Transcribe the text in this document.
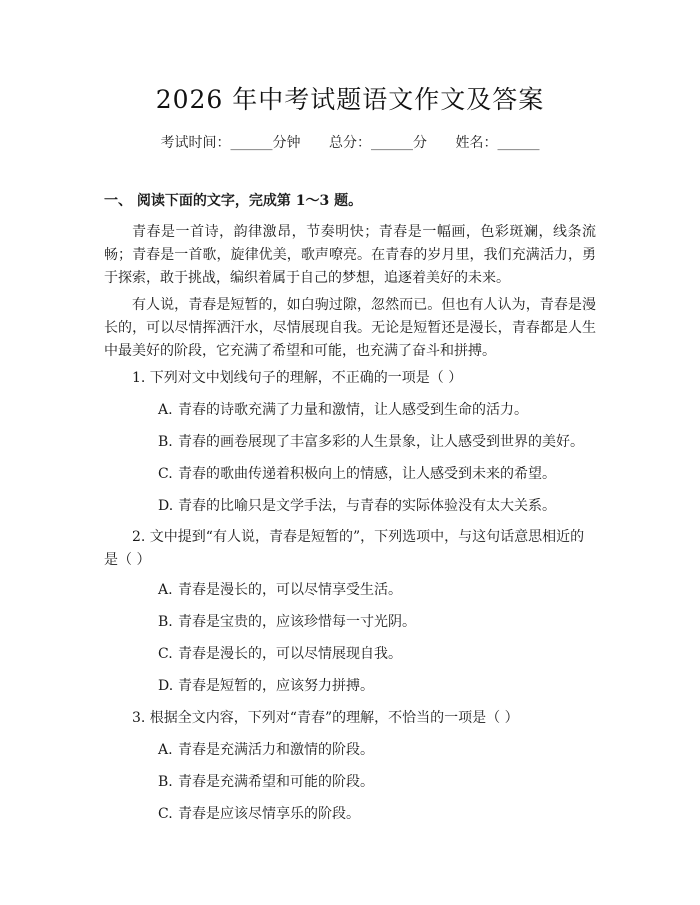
2026 年中考试题语文作文及答案
考试时间：______分钟 总分：______分 姓名：______
一、 阅读下面的文字，完成第 1～3 题。
青春是一首诗，韵律激昂，节奏明快；青春是一幅画，色彩斑斓，线条流畅；青春是一首歌，旋律优美，歌声嘹亮。在青春的岁月里，我们充满活力，勇于探索，敢于挑战，编织着属于自己的梦想，追逐着美好的未来。
有人说，青春是短暂的，如白驹过隙，忽然而已。但也有人认为，青春是漫长的，可以尽情挥洒汗水，尽情展现自我。无论是短暂还是漫长，青春都是人生中最美好的阶段，它充满了希望和可能，也充满了奋斗和拼搏。
1. 下列对文中划线句子的理解，不正确的一项是（ ）
A. 青春的诗歌充满了力量和激情，让人感受到生命的活力。
B. 青春的画卷展现了丰富多彩的人生景象，让人感受到世界的美好。
C. 青春的歌曲传递着积极向上的情感，让人感受到未来的希望。
D. 青春的比喻只是文学手法，与青春的实际体验没有太大关系。
2. 文中提到“有人说，青春是短暂的”，下列选项中，与这句话意思相近的是（ ）
A. 青春是漫长的，可以尽情享受生活。
B. 青春是宝贵的，应该珍惜每一寸光阴。
C. 青春是漫长的，可以尽情展现自我。
D. 青春是短暂的，应该努力拼搏。
3. 根据全文内容，下列对“青春”的理解，不恰当的一项是（ ）
A. 青春是充满活力和激情的阶段。
B. 青春是充满希望和可能的阶段。
C. 青春是应该尽情享乐的阶段。
